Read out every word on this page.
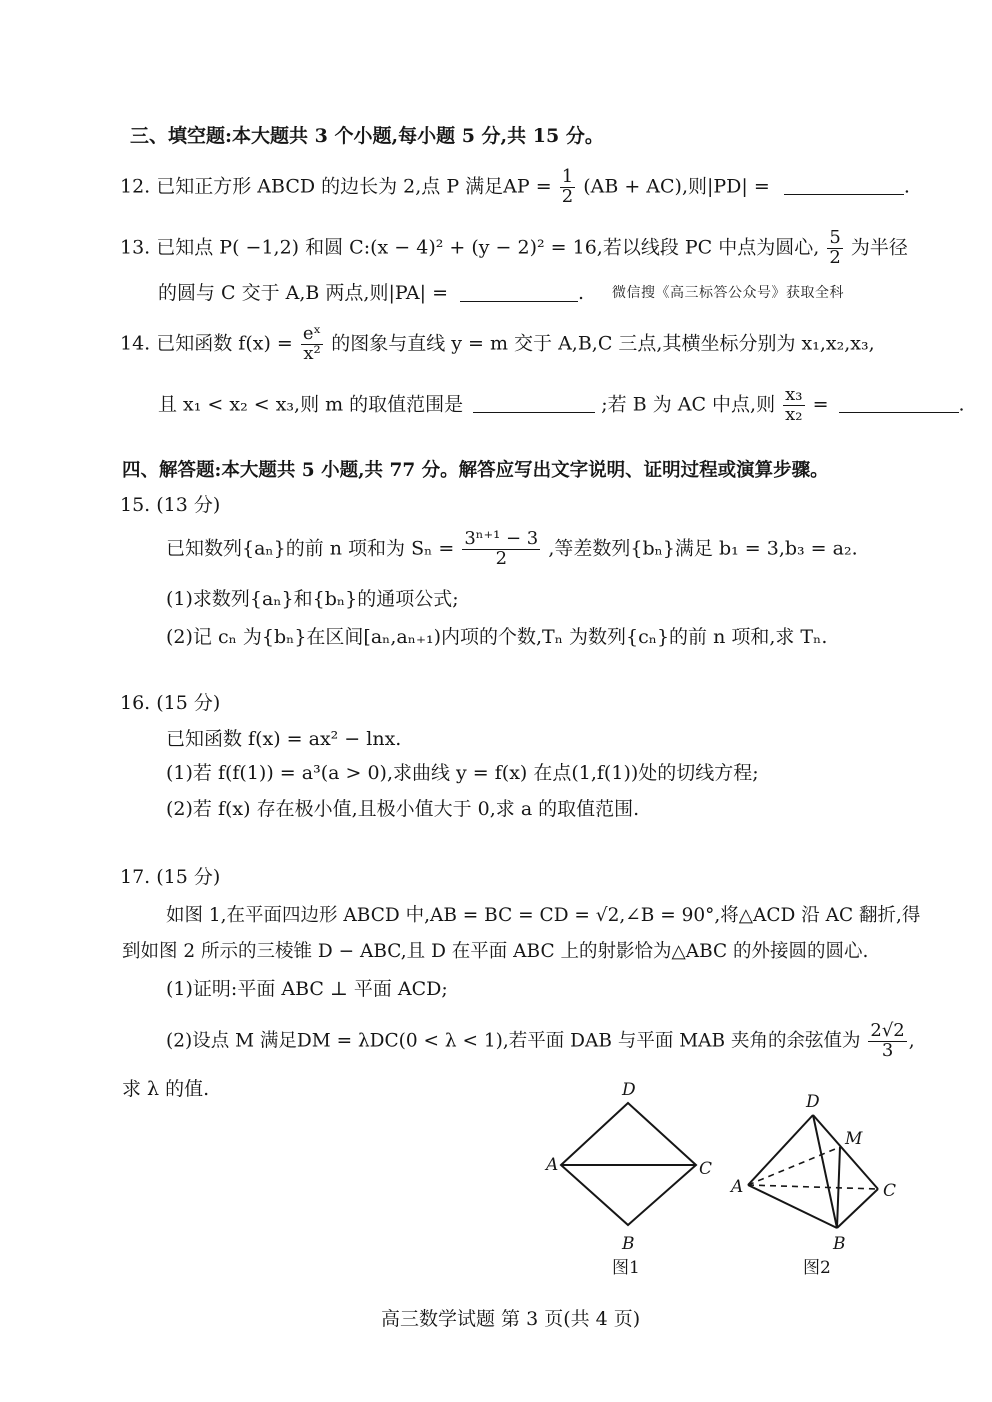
三、填空题:本大题共 3 个小题,每小题 5 分,共 15 分。
12. 已知正方形 ABCD 的边长为 2,点 P 满足AP = $\frac{1}{2} (AB + AC)$,则|PD| =	.
13. 已知点 P( −1,2) 和圆 C:(x − 4)² + (y − 2)² = 16,若以线段 PC 中点为圆心, $\frac{5}{2}$ 为半径
的圆与 C 交于 A,B 两点,则|PA| =	. 微信搜《高三标答公众号》获取全科
14. 已知函数 $f(x) = \frac{\text{eˣ}}{\text{x²}}$ 的图象与直线 y = m 交于 A,B,C 三点,其横坐标分别为 x₁,x₂,x₃,
且 x₁ < x₂ < x₃,则 m 的取值范围是	;若 B 为 AC 中点,则 $\frac{\text{x₃}}{\text{x₂}}$ =	.
四、解答题:本大题共 5 小题,共 77 分。解答应写出文字说明、证明过程或演算步骤。
15. (13 分)
已知数列{aₙ}的前 n 项和为 $S_n = \frac{\text{3ⁿ⁺¹ − 3}}{2}$ ,等差数列{bₙ}满足 b₁ = 3,b₃ = a₂.
(1)求数列{aₙ}和{bₙ}的通项公式;
(2)记 cₙ 为{bₙ}在区间[aₙ,aₙ₊₁)内项的个数,Tₙ 为数列{cₙ}的前 n 项和,求 Tₙ.
16. (15 分)
已知函数 f(x) = ax² − lnx.
(1)若 f(f(1)) = a³(a > 0),求曲线 y = f(x) 在点(1,f(1))处的切线方程;
(2)若 f(x) 存在极小值,且极小值大于 0,求 a 的取值范围.
17. (15 分)
如图 1,在平面四边形 ABCD 中,AB = BC = CD = √2,∠B = 90°,将△ACD 沿 AC 翻折,得
到如图 2 所示的三棱锥 D − ABC,且 D 在平面 ABC 上的射影恰为△ABC 的外接圆的圆心.
(1)证明:平面 ABC ⊥ 平面 ACD;
(2)设点 M 满足DM = λDC(0 < λ < 1),若平面 DAB 与平面 MAB 夹角的余弦值为 $\frac{2√2}{3}$ ,
求 λ 的值.	D
A	C
B
图1
D
M
A	C
B
图2
高三数学试题 第 3 页(共 4 页)
